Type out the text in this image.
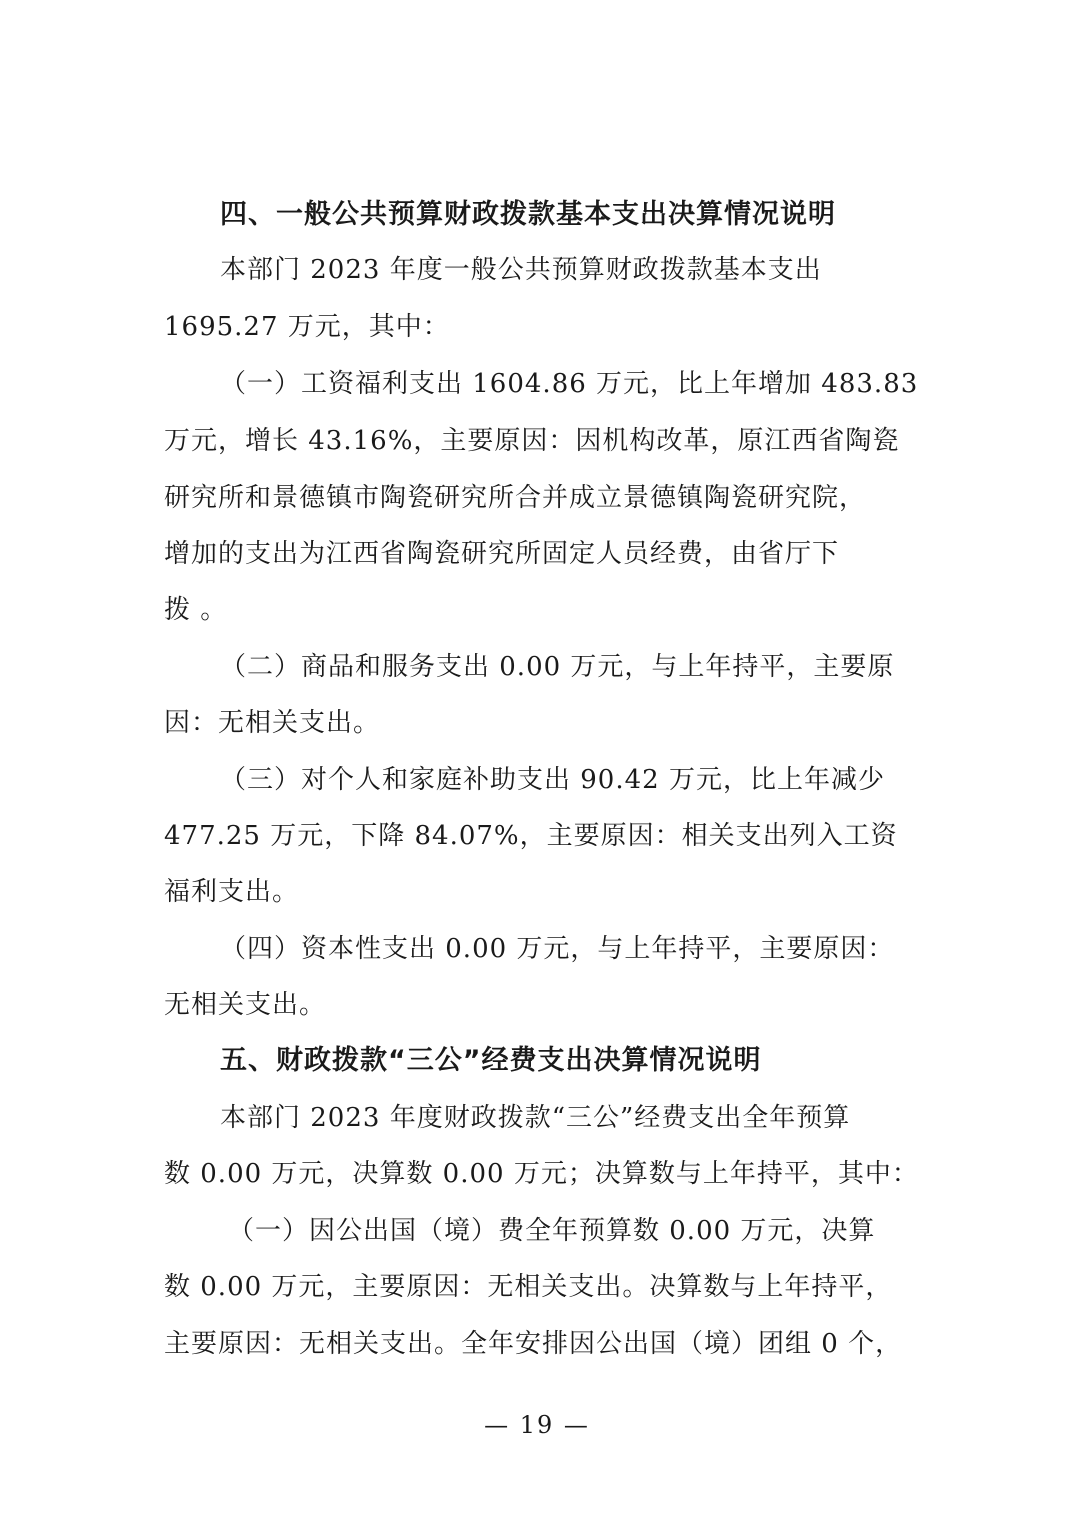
四、一般公共预算财政拨款基本支出决算情况说明
本部门 2023 年度一般公共预算财政拨款基本支出
1695.27 万元，其中：
（一）工资福利支出 1604.86 万元，比上年增加 483.83
万元，增长 43.16%，主要原因：因机构改革，原江西省陶瓷
研究所和景德镇市陶瓷研究所合并成立景德镇陶瓷研究院，
增加的支出为江西省陶瓷研究所固定人员经费，由省厅下
拨 。
（二）商品和服务支出 0.00 万元，与上年持平，主要原
因：无相关支出。
（三）对个人和家庭补助支出 90.42 万元，比上年减少
477.25 万元，下降 84.07%，主要原因：相关支出列入工资
福利支出。
（四）资本性支出 0.00 万元，与上年持平，主要原因：
无相关支出。
五、财政拨款“三公”经费支出决算情况说明
本部门 2023 年度财政拨款“三公”经费支出全年预算
数 0.00 万元，决算数 0.00 万元；决算数与上年持平，其中：
（一）因公出国（境）费全年预算数 0.00 万元，决算
数 0.00 万元，主要原因：无相关支出。决算数与上年持平，
主要原因：无相关支出。全年安排因公出国（境）团组 0 个，
— 19 —
